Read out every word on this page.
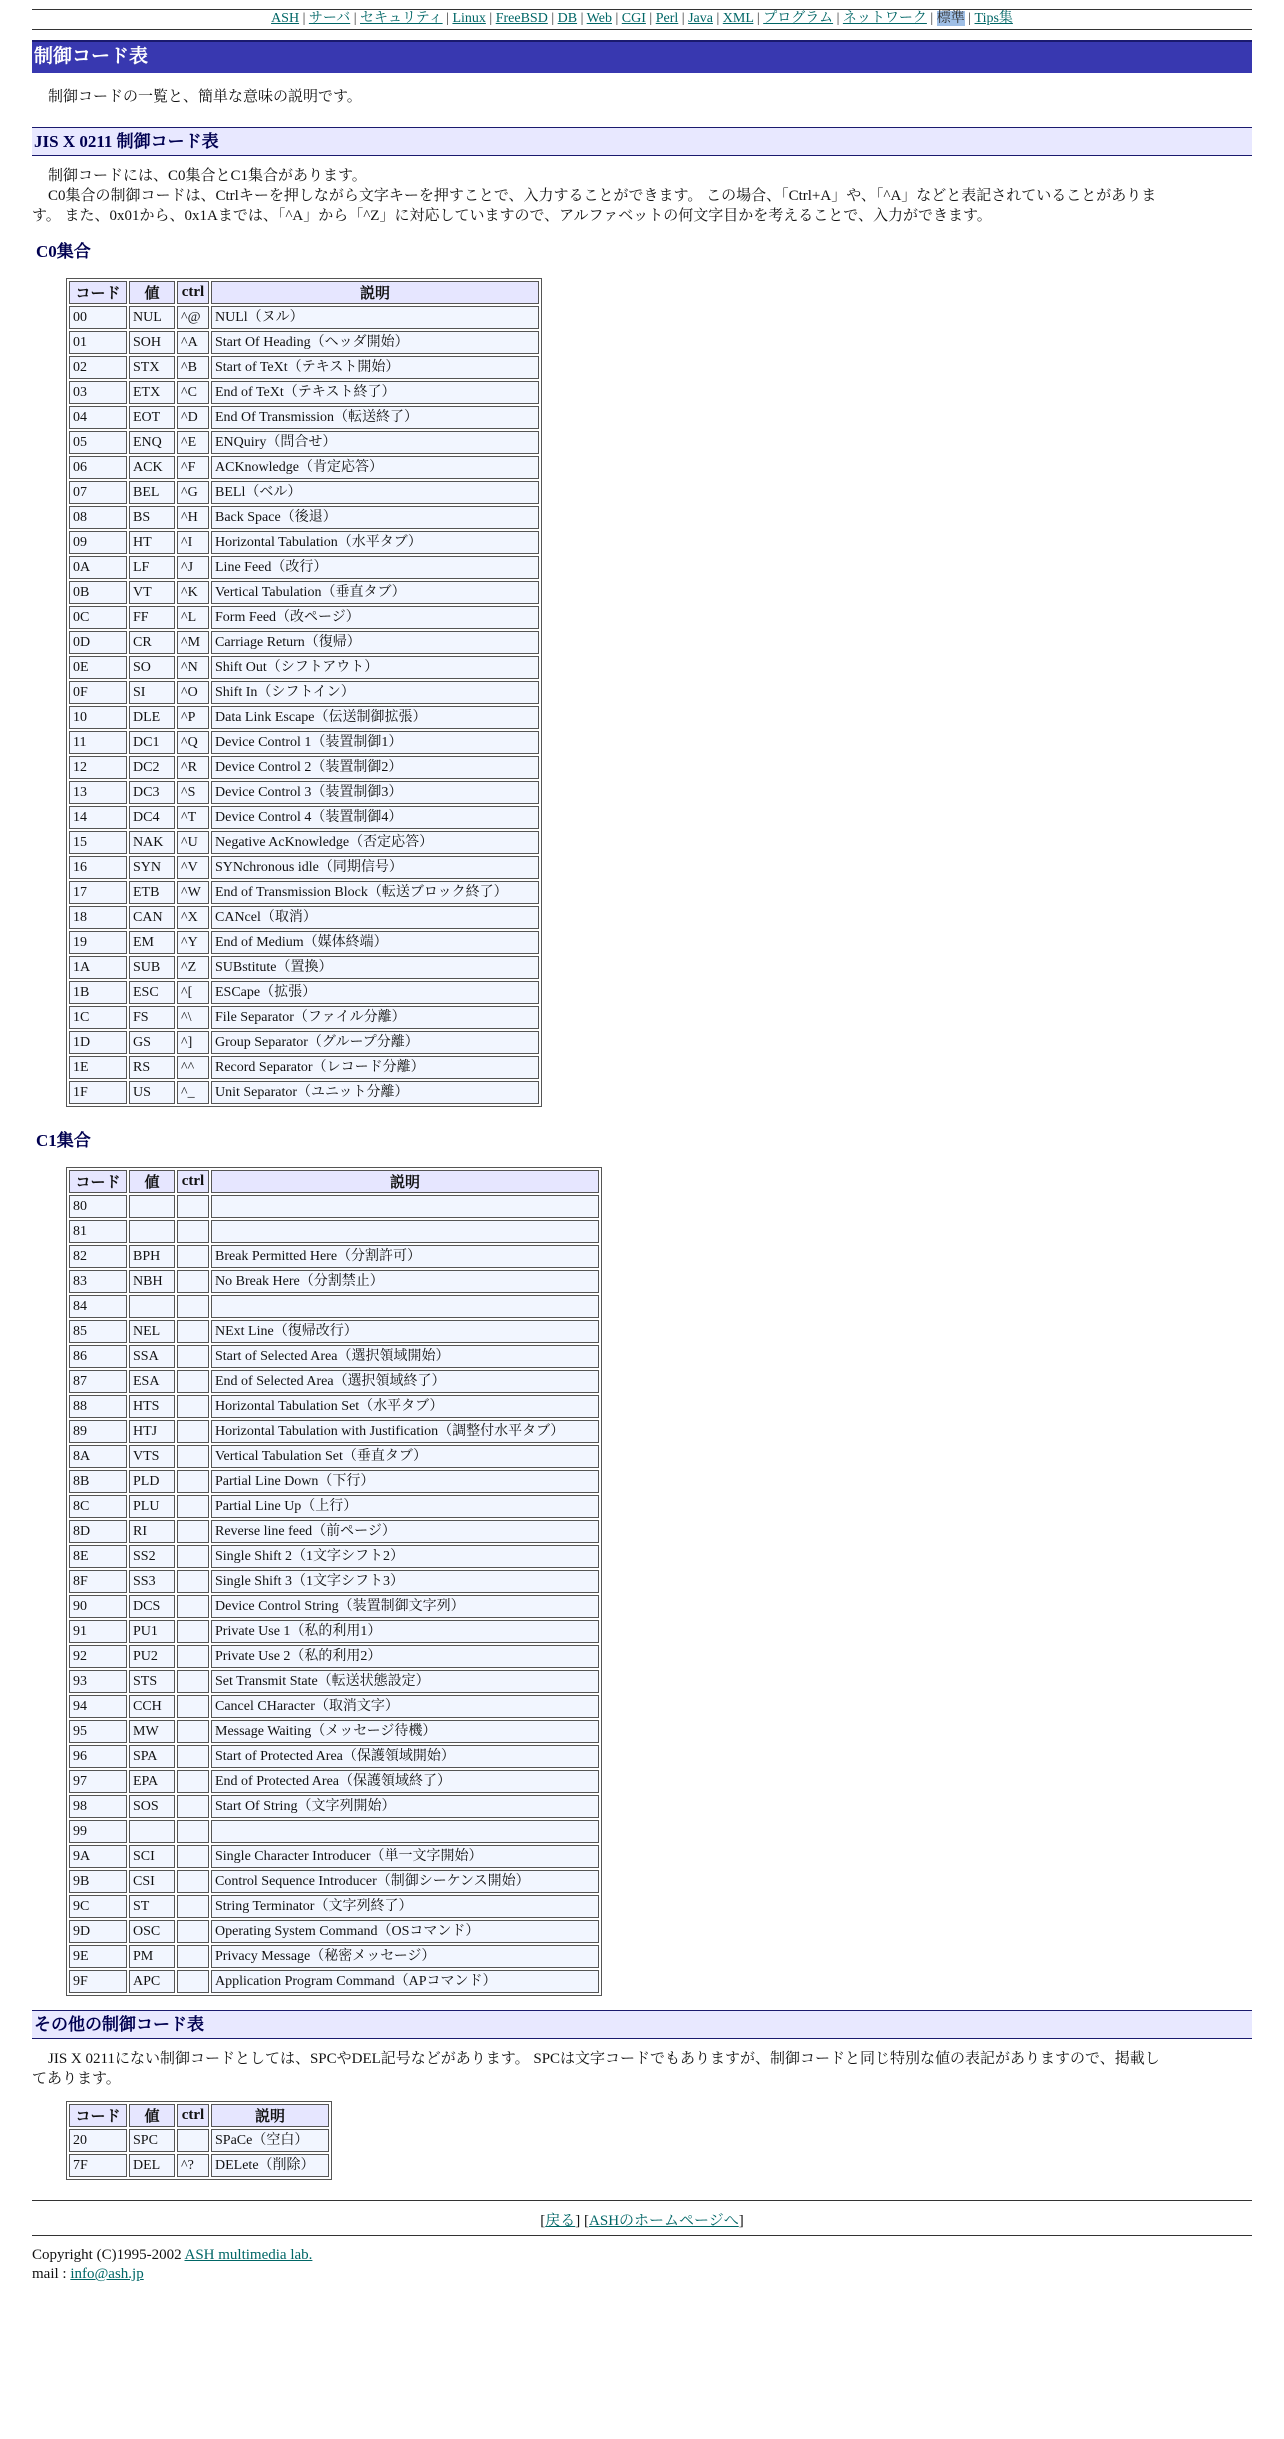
ASH | サーバ | セキュリティ | Linux | FreeBSD | DB | Web | CGI | Perl | Java | XML | プログラム | ネットワーク | 標準 | Tips集
制御コード表

制御コードの一覧と、簡単な意味の説明です。

JIS X 0211 制御コード表

制御コードには、C0集合とC1集合があります。
C0集合の制御コードは、Ctrlキーを押しながら文字キーを押すことで、入力することができます。 この場合、「Ctrl+A」や、「^A」などと表記されていることがありま
す。 また、0x01から、0x1Aまでは、「^A」から「^Z」に対応していますので、アルファベットの何文字目かを考えることで、入力ができます。

C0集合
コード	値	ctrl	説明
00	NUL	^@	NULl（ヌル）
01	SOH	^A	Start Of Heading（ヘッダ開始）
02	STX	^B	Start of TeXt（テキスト開始）
03	ETX	^C	End of TeXt（テキスト終了）
04	EOT	^D	End Of Transmission（転送終了）
05	ENQ	^E	ENQuiry（問合せ）
06	ACK	^F	ACKnowledge（肯定応答）
07	BEL	^G	BELl（ベル）
08	BS	^H	Back Space（後退）
09	HT	^I	Horizontal Tabulation（水平タブ）
0A	LF	^J	Line Feed（改行）
0B	VT	^K	Vertical Tabulation（垂直タブ）
0C	FF	^L	Form Feed（改ページ）
0D	CR	^M	Carriage Return（復帰）
0E	SO	^N	Shift Out（シフトアウト）
0F	SI	^O	Shift In（シフトイン）
10	DLE	^P	Data Link Escape（伝送制御拡張）
11	DC1	^Q	Device Control 1（装置制御1）
12	DC2	^R	Device Control 2（装置制御2）
13	DC3	^S	Device Control 3（装置制御3）
14	DC4	^T	Device Control 4（装置制御4）
15	NAK	^U	Negative AcKnowledge（否定応答）
16	SYN	^V	SYNchronous idle（同期信号）
17	ETB	^W	End of Transmission Block（転送ブロック終了）
18	CAN	^X	CANcel（取消）
19	EM	^Y	End of Medium（媒体終端）
1A	SUB	^Z	SUBstitute（置換）
1B	ESC	^[	ESCape（拡張）
1C	FS	^\	File Separator（ファイル分離）
1D	GS	^]	Group Separator（グループ分離）
1E	RS	^^	Record Separator（レコード分離）
1F	US	^_	Unit Separator（ユニット分離）
C1集合
コード	値	ctrl	説明
80			
81			
82	BPH		Break Permitted Here（分割許可）
83	NBH		No Break Here（分割禁止）
84			
85	NEL		NExt Line（復帰改行）
86	SSA		Start of Selected Area（選択領域開始）
87	ESA		End of Selected Area（選択領域終了）
88	HTS		Horizontal Tabulation Set（水平タブ）
89	HTJ		Horizontal Tabulation with Justification（調整付水平タブ）
8A	VTS		Vertical Tabulation Set（垂直タブ）
8B	PLD		Partial Line Down（下行）
8C	PLU		Partial Line Up（上行）
8D	RI		Reverse line feed（前ページ）
8E	SS2		Single Shift 2（1文字シフト2）
8F	SS3		Single Shift 3（1文字シフト3）
90	DCS		Device Control String（装置制御文字列）
91	PU1		Private Use 1（私的利用1）
92	PU2		Private Use 2（私的利用2）
93	STS		Set Transmit State（転送状態設定）
94	CCH		Cancel CHaracter（取消文字）
95	MW		Message Waiting（メッセージ待機）
96	SPA		Start of Protected Area（保護領域開始）
97	EPA		End of Protected Area（保護領域終了）
98	SOS		Start Of String（文字列開始）
99			
9A	SCI		Single Character Introducer（単一文字開始）
9B	CSI		Control Sequence Introducer（制御シーケンス開始）
9C	ST		String Terminator（文字列終了）
9D	OSC		Operating System Command（OSコマンド）
9E	PM		Privacy Message（秘密メッセージ）
9F	APC		Application Program Command（APコマンド）
その他の制御コード表

JIS X 0211にない制御コードとしては、SPCやDEL記号などがあります。 SPCは文字コードでもありますが、制御コードと同じ特別な値の表記がありますので、掲載し
てあります。

コード	値	ctrl	説明
20	SPC		SPaCe（空白）
7F	DEL	^?	DELete（削除）
[戻る] [ASHのホームページへ]
Copyright (C)1995-2002 ASH multimedia lab.
mail : info@ash.jp
